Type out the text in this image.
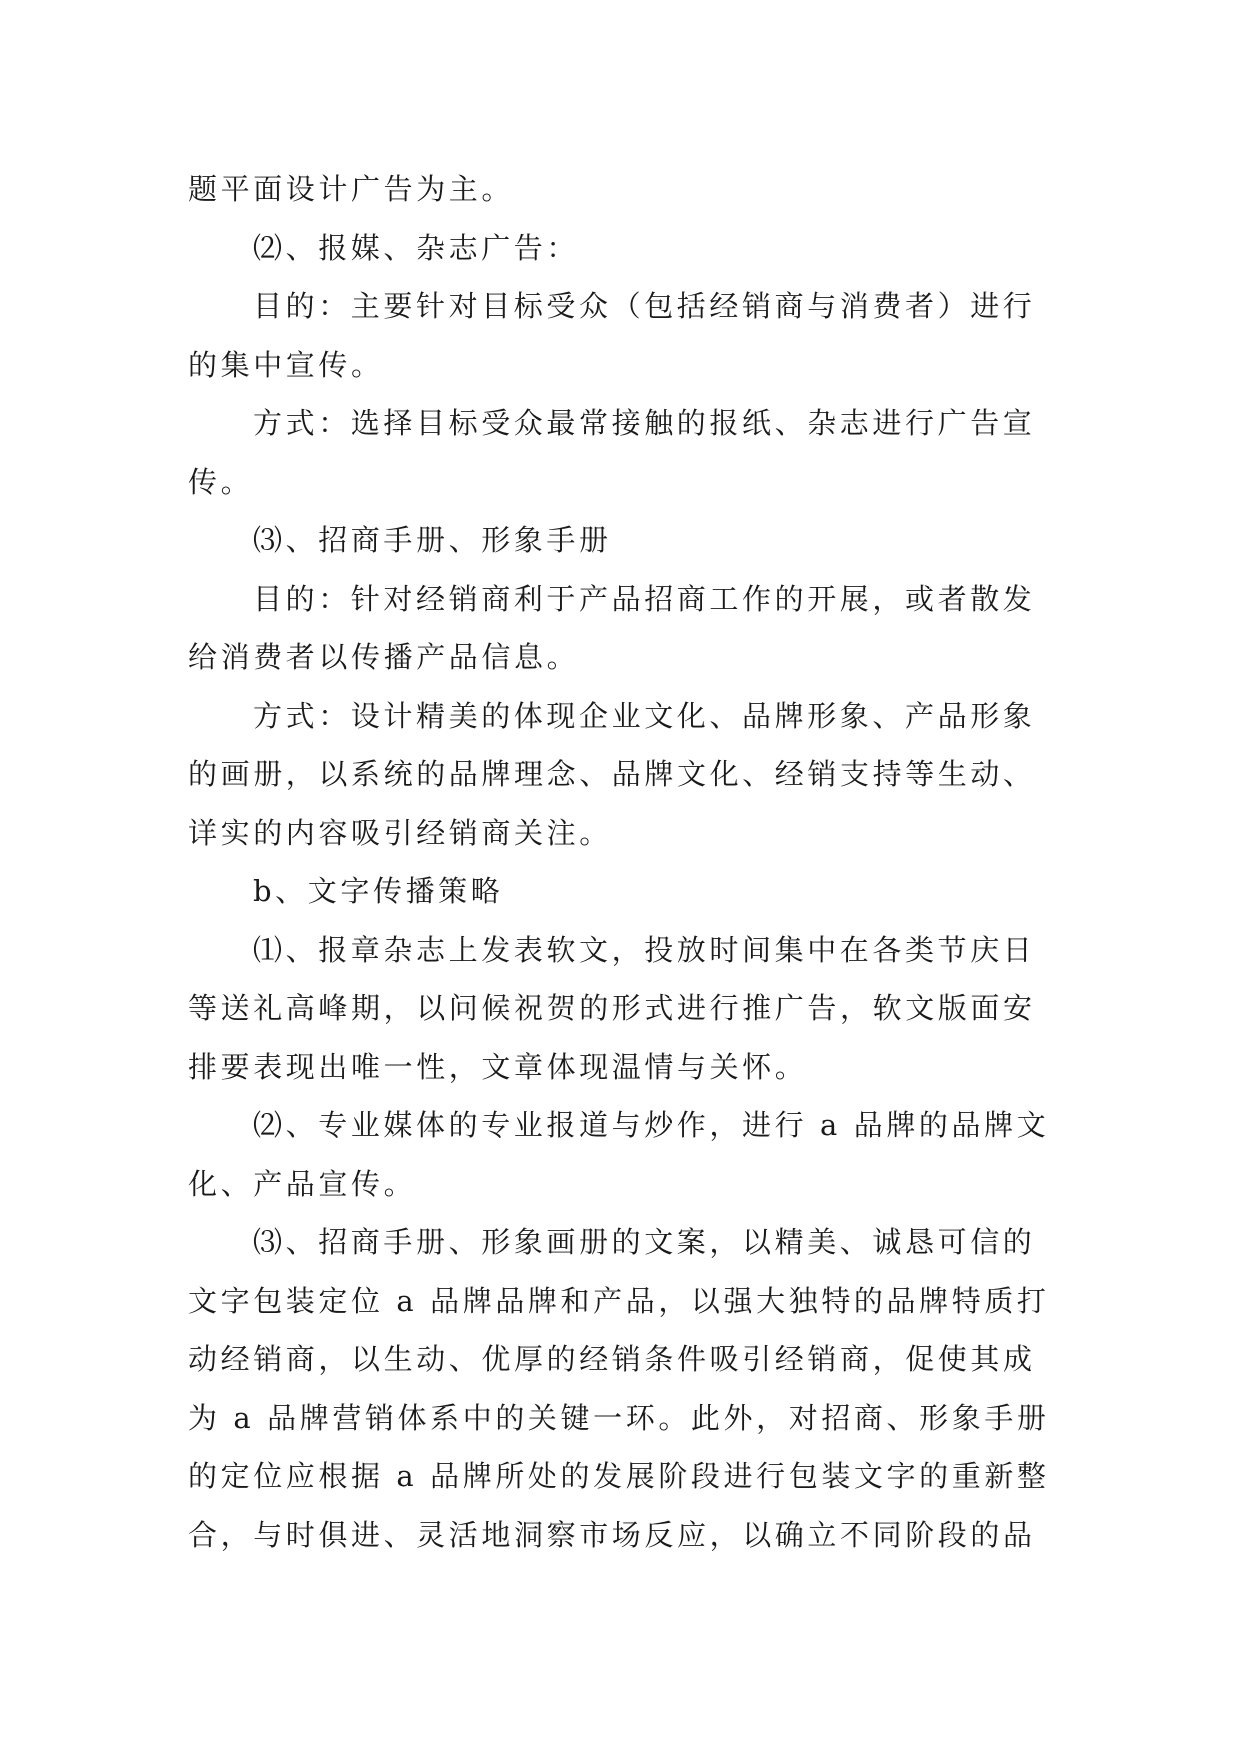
题平面设计广告为主。
⑵、报媒、杂志广告：
目的：主要针对目标受众（包括经销商与消费者）进行
的集中宣传。
方式：选择目标受众最常接触的报纸、杂志进行广告宣
传。
⑶、招商手册、形象手册
目的：针对经销商利于产品招商工作的开展，或者散发
给消费者以传播产品信息。
方式：设计精美的体现企业文化、品牌形象、产品形象
的画册，以系统的品牌理念、品牌文化、经销支持等生动、
详实的内容吸引经销商关注。
b、文字传播策略
⑴、报章杂志上发表软文，投放时间集中在各类节庆日
等送礼高峰期，以问候祝贺的形式进行推广告，软文版面安
排要表现出唯一性，文章体现温情与关怀。
⑵、专业媒体的专业报道与炒作，进行 a 品牌的品牌文
化、产品宣传。
⑶、招商手册、形象画册的文案，以精美、诚恳可信的
文字包装定位 a 品牌品牌和产品，以强大独特的品牌特质打
动经销商，以生动、优厚的经销条件吸引经销商，促使其成
为 a 品牌营销体系中的关键一环。此外，对招商、形象手册
的定位应根据 a 品牌所处的发展阶段进行包装文字的重新整
合，与时俱进、灵活地洞察市场反应，以确立不同阶段的品
